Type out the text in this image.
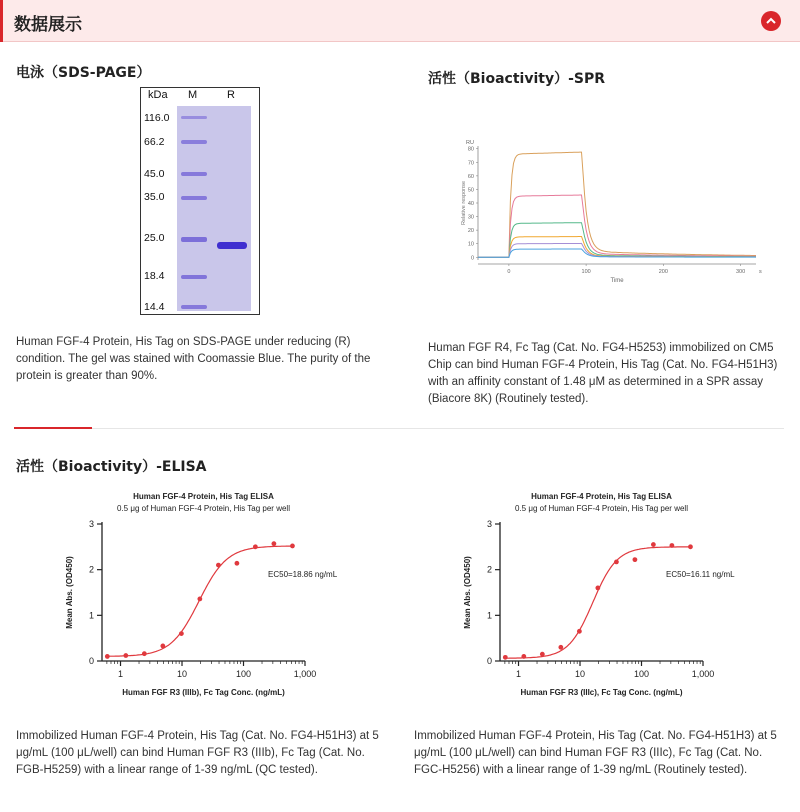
数据展示
电泳（SDS-PAGE）
kDa M	R
116.0
66.2
45.0
35.0
25.0
18.4
14.4
Human FGF-4 Protein, His Tag on SDS-PAGE under reducing (R) condition. The gel was stained with Coomassie Blue. The purity of the protein is greater than 90%.
活性（Bioactivity）-SPR
0
10
20
30
40
50
60
70
80
0	100	200	300
RU
s
Time
Relative response
Human FGF R4, Fc Tag (Cat. No. FG4-H5253) immobilized on CM5 Chip can bind Human FGF-4 Protein, His Tag (Cat. No. FG4-H51H3) with an affinity constant of 1.48 μM as determined in a SPR assay (Biacore 8K) (Routinely tested).
活性（Bioactivity）-ELISA
Human FGF-4 Protein, His Tag ELISA
0.5 μg of Human FGF-4 Protein, His Tag per well
0
1
2
3
1	10	100	1,000
Human FGF R3 (IIIb), Fc Tag Conc. (ng/mL)
Mean Abs. (OD450)	EC50=18.86 ng/mL
Human FGF-4 Protein, His Tag ELISA
0.5 μg of Human FGF-4 Protein, His Tag per well
0
1
2
3
1	10	100	1,000
Human FGF R3 (IIIc), Fc Tag Conc. (ng/mL)
Mean Abs. (OD450)	EC50=16.11 ng/mL
Immobilized Human FGF-4 Protein, His Tag (Cat. No. FG4-H51H3) at 5 μg/mL (100 μL/well) can bind Human FGF R3 (IIIb), Fc Tag (Cat. No. FGB-H5259) with a linear range of 1-39 ng/mL (QC tested).
Immobilized Human FGF-4 Protein, His Tag (Cat. No. FG4-H51H3) at 5 μg/mL (100 μL/well) can bind Human FGF R3 (IIIc), Fc Tag (Cat. No. FGC-H5256) with a linear range of 1-39 ng/mL (Routinely tested).
